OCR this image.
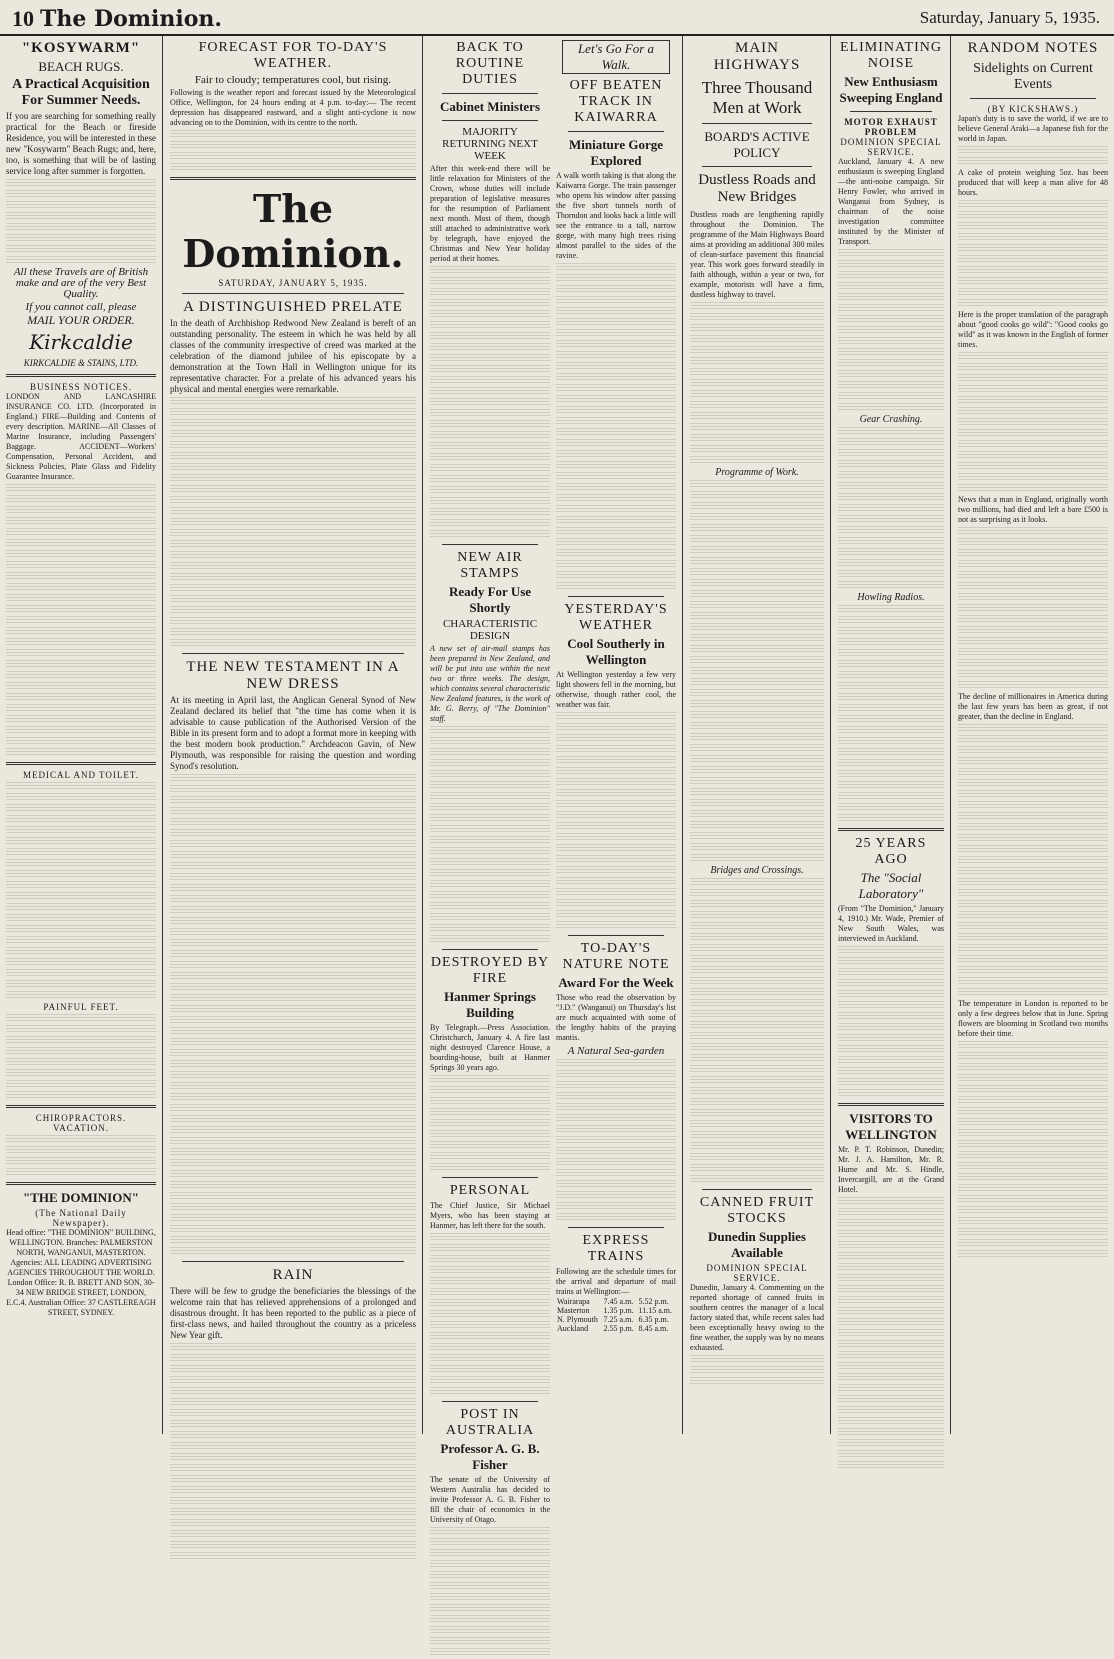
10 The Dominion.	Saturday, January 5, 1935.
"KOSYWARM"
BEACH RUGS.
A Practical Acquisition For Summer Needs.
If you are searching for something really practical for the Beach or fireside Residence, you will be interested in these new "Kosywarm" Beach Rugs; and, here, too, is something that will be of lasting service long after summer is forgotten.
All these Travels are of British make and are of the very Best Quality.
If you cannot call, please
MAIL YOUR ORDER.
Kirkcaldie
KIRKCALDIE & STAINS, LTD.
BUSINESS NOTICES.
LONDON AND LANCASHIRE INSURANCE CO. LTD. (Incorporated in England.) FIRE—Building and Contents of every description. MARINE—All Classes of Marine Insurance, including Passengers' Baggage. ACCIDENT—Workers' Compensation, Personal Accident, and Sickness Policies, Plate Glass and Fidelity Guarantee Insurance.
MEDICAL AND TOILET.
PAINFUL FEET.
CHIROPRACTORS.
VACATION.
"THE DOMINION"
(The National Daily Newspaper).
Head office: "THE DOMINION" BUILDING, WELLINGTON. Branches: PALMERSTON NORTH, WANGANUI, MASTERTON. Agencies: ALL LEADING ADVERTISING AGENCIES THROUGHOUT THE WORLD. London Office: R. B. BRETT AND SON, 30-34 NEW BRIDGE STREET, LONDON, E.C.4. Australian Office: 37 CASTLEREAGH STREET, SYDNEY.
FORECAST FOR TO-DAY'S WEATHER.
Fair to cloudy; temperatures cool, but rising.
Following is the weather report and forecast issued by the Meteorological Office, Wellington, for 24 hours ending at 4 p.m. to-day:— The recent depression has disappeared eastward, and a slight anti-cyclone is now advancing on to the Dominion, with its centre to the north.
The Dominion.
SATURDAY, JANUARY 5, 1935.
A DISTINGUISHED PRELATE
In the death of Archbishop Redwood New Zealand is bereft of an outstanding personality. The esteem in which he was held by all classes of the community irrespective of creed was marked at the celebration of the diamond jubilee of his episcopate by a demonstration at the Town Hall in Wellington unique for its representative character. For a prelate of his advanced years his physical and mental energies were remarkable.
THE NEW TESTAMENT IN A NEW DRESS
At its meeting in April last, the Anglican General Synod of New Zealand declared its belief that "the time has come when it is advisable to cause publication of the Authorised Version of the Bible in its present form and to adopt a format more in keeping with the best modern book production." Archdeacon Gavin, of New Plymouth, was responsible for raising the question and wording Synod's resolution.
RAIN
There will be few to grudge the beneficiaries the blessings of the welcome rain that has relieved apprehensions of a prolonged and disastrous drought. It has been reported to the public as a piece of first-class news, and hailed throughout the country as a priceless New Year gift.
BACK TO ROUTINE DUTIES
Cabinet Ministers
MAJORITY RETURNING NEXT WEEK
After this week-end there will be little relaxation for Ministers of the Crown, whose duties will include preparation of legislative measures for the resumption of Parliament next month. Most of them, though still attached to administrative work by telegraph, have enjoyed the Christmas and New Year holiday period at their homes.
NEW AIR STAMPS
Ready For Use Shortly
CHARACTERISTIC DESIGN
A new set of air-mail stamps has been prepared in New Zealand, and will be put into use within the next two or three weeks. The design, which contains several characteristic New Zealand features, is the work of Mr. G. Berry, of "The Dominion" staff.
DESTROYED BY FIRE
Hanmer Springs Building
By Telegraph.—Press Association. Christchurch, January 4. A fire last night destroyed Clarence House, a boarding-house, built at Hanmer Springs 30 years ago.
PERSONAL
The Chief Justice, Sir Michael Myers, who has been staying at Hanmer, has left there for the south.
POST IN AUSTRALIA
Professor A. G. B. Fisher
The senate of the University of Western Australia has decided to invite Professor A. G. B. Fisher to fill the chair of economics in the University of Otago.
Let's Go For a Walk.
OFF BEATEN TRACK IN KAIWARRA
Miniature Gorge Explored
A walk worth taking is that along the Kaiwarra Gorge. The train passenger who opens his window after passing the five short tunnels north of Thorndon and looks back a little will see the entrance to a tall, narrow gorge, with many high trees rising almost parallel to the sides of the ravine.
YESTERDAY'S WEATHER
Cool Southerly in Wellington
At Wellington yesterday a few very light showers fell in the morning, but otherwise, though rather cool, the weather was fair.
TO-DAY'S NATURE NOTE
Award For the Week
Those who read the observation by "J.D." (Wanganui) on Thursday's list are much acquainted with some of the lengthy habits of the praying mantis.
A Natural Sea-garden
EXPRESS TRAINS
Following are the schedule times for the arrival and departure of mail trains at Wellington:—
Wairarapa	7.45 a.m.	5.52 p.m.
Masterton	1.35 p.m.	11.15 a.m.
N. Plymouth	7.25 a.m.	6.35 p.m.
Auckland	2.55 p.m.	8.45 a.m.
MAIN HIGHWAYS
Three Thousand Men at Work
BOARD'S ACTIVE POLICY
Dustless Roads and New Bridges
Dustless roads are lengthening rapidly throughout the Dominion. The programme of the Main Highways Board aims at providing an additional 300 miles of clean-surface pavement this financial year. This work goes forward steadily in faith although, within a year or two, for example, motorists will have a firm, dustless highway to travel.
Programme of Work.
Bridges and Crossings.
CANNED FRUIT STOCKS
Dunedin Supplies Available
DOMINION SPECIAL SERVICE.
Dunedin, January 4. Commenting on the reported shortage of canned fruits in southern centres the manager of a local factory stated that, while recent sales had been exceptionally heavy owing to the fine weather, the supply was by no means exhausted.
ELIMINATING NOISE
New Enthusiasm Sweeping England
MOTOR EXHAUST PROBLEM
DOMINION SPECIAL SERVICE.
Auckland, January 4. A new enthusiasm is sweeping England—the anti-noise campaign. Sir Henry Fowler, who arrived in Wanganui from Sydney, is chairman of the noise investigation committee instituted by the Minister of Transport.
Gear Crashing.
Howling Radios.
25 YEARS AGO
The "Social Laboratory"
(From "The Dominion," January 4, 1910.) Mr. Wade, Premier of New South Wales, was interviewed in Auckland.
VISITORS TO WELLINGTON
Mr. P. T. Robinson, Dunedin; Mr. J. A. Hamilton, Mr. R. Hume and Mr. S. Hindle, Invercargill, are at the Grand Hotel.
RANDOM NOTES
Sidelights on Current Events
(BY KICKSHAWS.)
Japan's duty is to save the world, if we are to believe General Araki—a Japanese fish for the world in Japan.
A cake of protein weighing 5oz. has been produced that will keep a man alive for 48 hours.
Here is the proper translation of the paragraph about "good cooks go wild": "Good cooks go wild" as it was known in the English of former times.
News that a man in England, originally worth two millions, had died and left a bare £500 is not as surprising as it looks.
The decline of millionaires in America during the last few years has been as great, if not greater, than the decline in England.
The temperature in London is reported to be only a few degrees below that in June. Spring flowers are blooming in Scotland two months before their time.
